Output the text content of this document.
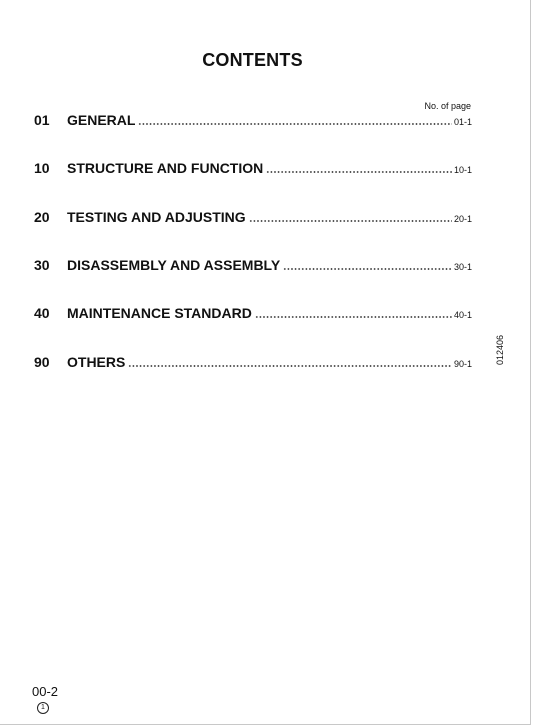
CONTENTS
No. of page
01	GENERAL	01-1
10	STRUCTURE AND FUNCTION	10-1
20	TESTING AND ADJUSTING	20-1
30	DISASSEMBLY AND ASSEMBLY	30-1
40	MAINTENANCE STANDARD	40-1
90	OTHERS	90-1	012406
00-2
1
